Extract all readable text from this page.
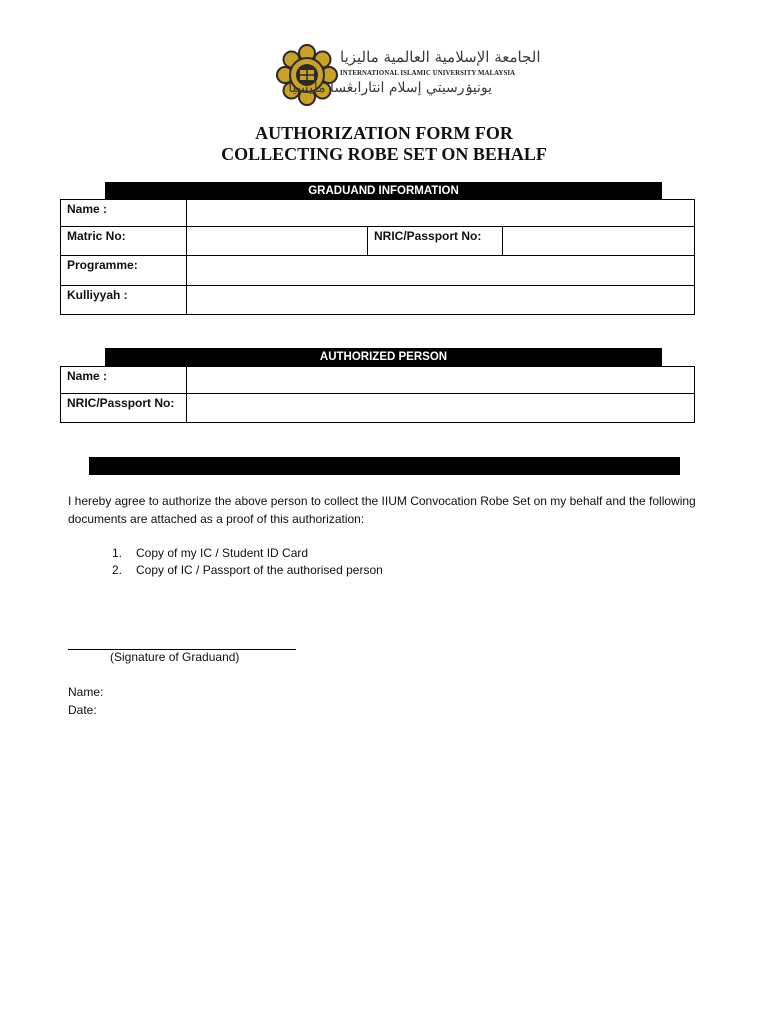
الجامعة الإسلامية العالمية ماليزيا
INTERNATIONAL ISLAMIC UNIVERSITY MALAYSIA
يونيۏرسيتي إسلام انتارابڠسا مليسيا
AUTHORIZATION FORM FOR
COLLECTING ROBE SET ON BEHALF
GRADUAND INFORMATION
Name :			
Matric No:		NRIC/Passport No:	
Programme:			
Kulliyyah :			
AUTHORIZED PERSON
Name :	
NRIC/Passport No:	
I hereby agree to authorize the above person to collect the IIUM Convocation Robe Set on my behalf and the following documents are attached as a proof of this authorization:
1. Copy of my IC / Student ID Card
2. Copy of IC / Passport of the authorised person
(Signature of Graduand)
Name:
Date:
